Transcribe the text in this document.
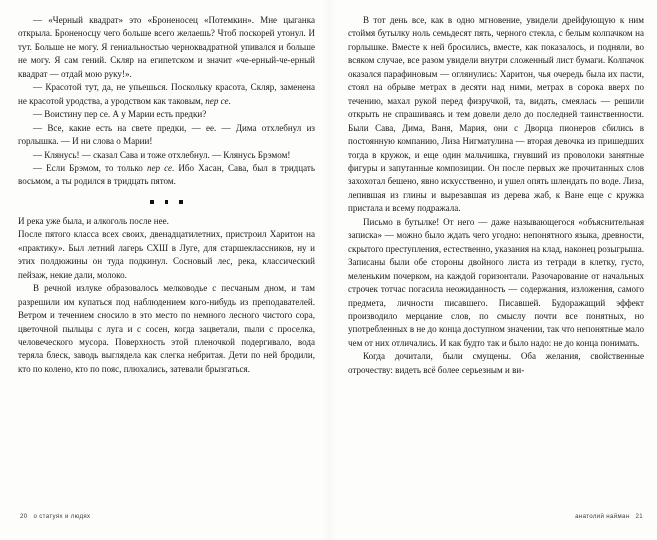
— «Черный квадрат» это «Броненосец «Потемкин». Мне цыганка открыла. Броненосцу чего больше всего желаешь? Чтоб поскорей утонул. И тут. Больше не могу. Я гениальностью черноквадратной упивался и больше не могу. Я сам гений. Скляр на египетском и значит «че-ерный-че-ерный квадрат — отдай мою руку!».

— Красотой тут, да, не упьешься. Поскольку красота, Скляр, заменена не красотой уродства, а уродством как таковым, пер се.

— Воистину пер се. А у Марии есть предки?

— Все, какие есть на свете предки, — ее. — Дима отхлебнул из горлышка. — И ни слова о Марии!

— Клянусь! — сказал Сава и тоже отхлебнул. — Клянусь Брэмом!

— Если Брэмом, то только пер се. Ибо Хасан, Сава, был в тридцать восьмом, а ты родился в тридцать пятом.

И река уже была, и алкоголь после нее.

После пятого класса всех своих, двенадцатилетних, пристроил Харитон на «практику». Был летний лагерь СХШ в Луге, для старшеклассников, ну и этих полдюжины он туда подкинул. Сосновый лес, река, классический пейзаж, некие дали, молоко.

В речной излуке образовалось мелководье с песчаным дном, и там разрешили им купаться под наблюдением кого-нибудь из преподавателей. Ветром и течением сносило в это место по немного лесного чистого сора, цветочной пыльцы с луга и с сосен, когда зацветали, пыли с проселка, человеческого мусора. Поверхность этой пленочкой подергивало, вода теряла блеск, заводь выглядела как слегка небритая. Дети по ней бродили, кто по колено, кто по пояс, плюхались, затевали брызгаться.

20 о статуях и людях

В тот день все, как в одно мгновение, увидели дрейфующую к ним стоймя бутылку ноль семьдесят пять, черного стекла, с белым колпачком на горлышке. Вместе к ней бросились, вместе, как показалось, и подняли, во всяком случае, все разом увидели внутри сложенный лист бумаги. Колпачок оказался парафиновым — оглянулись: Харитон, чья очередь была их пасти, стоял на обрыве метрах в десяти над ними, метрах в сорока вверх по течению, махал рукой перед физручкой, та, видать, смеялась — решили открыть не спрашиваясь и тем довели дело до последней таинственности. Были Сава, Дима, Ваня, Мария, они с Дворца пионеров сбились в постоянную компанию, Лиза Нигматулина — вторая девочка из пришедших тогда в кружок, и еще один мальчишка, гнувший из проволоки занятные фигуры и запутанные композиции. Он после первых же прочитанных слов захохотал бешено, явно искусственно, и ушел опять шлендать по воде. Лиза, лепившая из глины и вырезавшая из дерева жаб, к Ване еще с кружка пристала и всему подражала.

Письмо в бутылке! От него — даже называющегося «объяснительная записка» — можно было ждать чего угодно: непонятного языка, древности, скрытого преступления, естественно, указания на клад, наконец розыгрыша. Записаны были обе стороны двойного листа из тетради в клетку, густо, меленьким почерком, на каждой горизонтали. Разочарование от начальных строчек тотчас погасила неожиданность — содержания, изложения, самого предмета, личности писавшего. Писавшей. Будоражащий эффект производило мерцание слов, по смыслу почти все понятных, но употребленных в не до конца доступном значении, так что непонятные мало чем от них отличались. И как будто так и было надо: не до конца понимать.

Когда дочитали, были смущены. Оба желания, свойственные отрочеству: видеть всё более серьезным и ви-

анатолий найман 21
